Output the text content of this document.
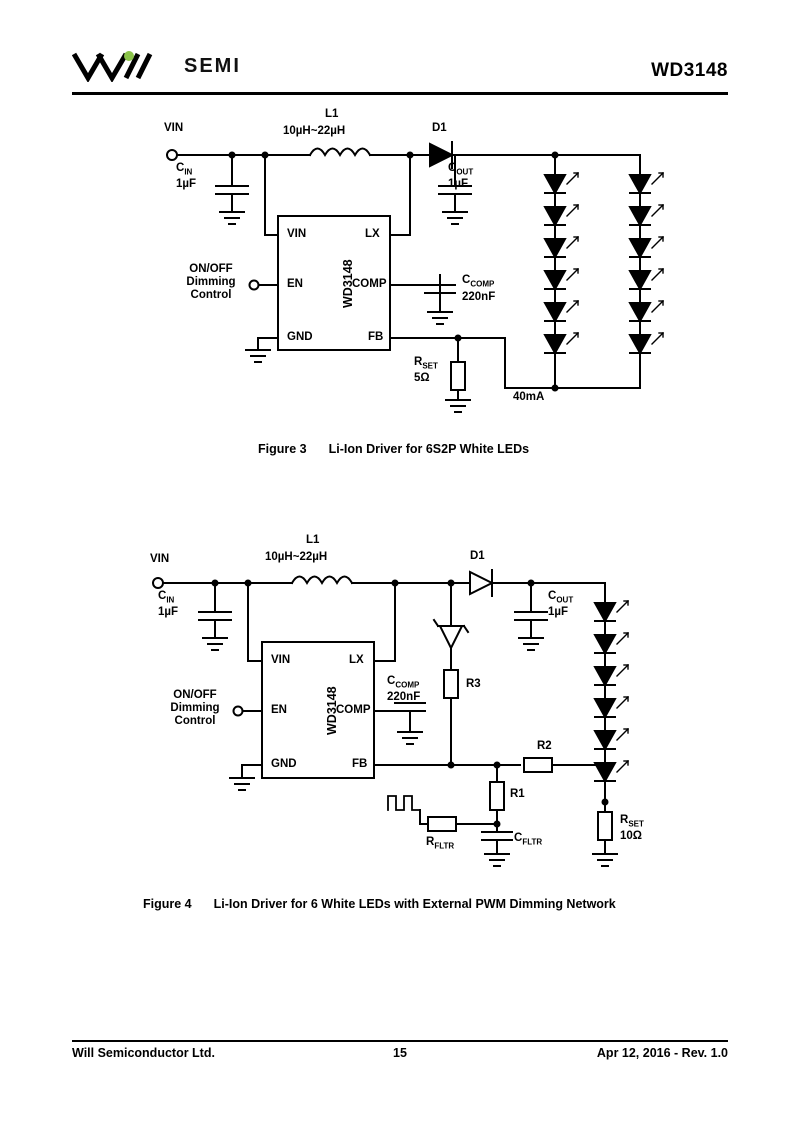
SEMI	WD3148
VIN
$C_{IN}$
1µF
L1
10µH~22µH	D1
$C_{OUT}$
1µF
WD3148
VIN	LX
EN	COMP
GND	FB
$C_{COMP}$
220nF
$R_{SET}$
5Ω
40mA
ON/OFF
Dimming
Control
Figure 3 Li-Ion Driver for 6S2P White LEDs
VIN
$C_{IN}$
1µF
L1
10µH~22µH	D1
$C_{OUT}$
1µF
WD3148
VIN	LX
EN	COMP
GND	FB
$C_{COMP}$
220nF
R3
R2
R1
$R_{FLTR}$
$C_{FLTR}$
$R_{SET}$
10Ω
ON/OFF
Dimming
Control
Figure 4 Li-Ion Driver for 6 White LEDs with External PWM Dimming Network
Will Semiconductor Ltd.	15	Apr 12, 2016 - Rev. 1.0
